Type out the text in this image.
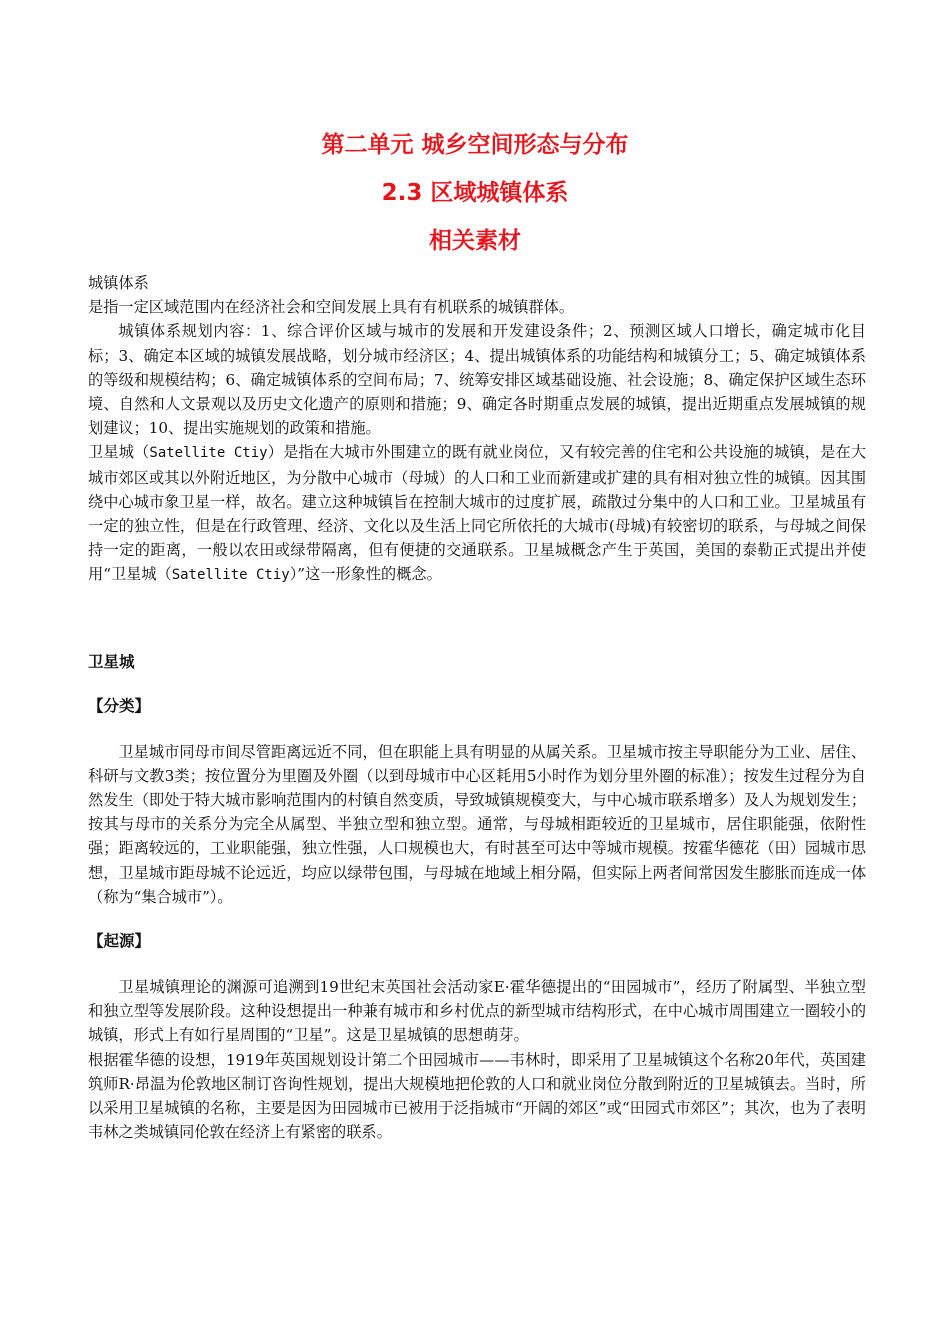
第二单元 城乡空间形态与分布
2.3 区域城镇体系
相关素材

城镇体系

是指一定区域范围内在经济社会和空间发展上具有有机联系的城镇群体。

城镇体系规划内容：1、综合评价区域与城市的发展和开发建设条件；2、预测区域人口增长，确定城市化目标；3、确定本区域的城镇发展战略，划分城市经济区；4、提出城镇体系的功能结构和城镇分工；5、确定城镇体系的等级和规模结构；6、确定城镇体系的空间布局；7、统筹安排区域基础设施、社会设施；8、确定保护区域生态环境、自然和人文景观以及历史文化遗产的原则和措施；9、确定各时期重点发展的城镇，提出近期重点发展城镇的规划建议；10、提出实施规划的政策和措施。

卫星城（Satellite Ctiy）是指在大城市外围建立的既有就业岗位，又有较完善的住宅和公共设施的城镇，是在大城市郊区或其以外附近地区，为分散中心城市（母城）的人口和工业而新建或扩建的具有相对独立性的城镇。因其围绕中心城市象卫星一样，故名。建立这种城镇旨在控制大城市的过度扩展，疏散过分集中的人口和工业。卫星城虽有一定的独立性，但是在行政管理、经济、文化以及生活上同它所依托的大城市(母城)有较密切的联系，与母城之间保持一定的距离，一般以农田或绿带隔离，但有便捷的交通联系。卫星城概念产生于英国，美国的泰勒正式提出并使用“卫星城（Satellite Ctiy）”这一形象性的概念。

卫星城

【分类】

卫星城市同母市间尽管距离远近不同，但在职能上具有明显的从属关系。卫星城市按主导职能分为工业、居住、科研与文教3类；按位置分为里圈及外圈（以到母城市中心区耗用5小时作为划分里外圈的标准）；按发生过程分为自然发生（即处于特大城市影响范围内的村镇自然变质，导致城镇规模变大，与中心城市联系增多）及人为规划发生；按其与母市的关系分为完全从属型、半独立型和独立型。通常，与母城相距较近的卫星城市，居住职能强，依附性强；距离较远的，工业职能强，独立性强，人口规模也大，有时甚至可达中等城市规模。按霍华德花（田）园城市思想，卫星城市距母城不论远近，均应以绿带包围，与母城在地域上相分隔，但实际上两者间常因发生膨胀而连成一体（称为“集合城市”）。

【起源】

卫星城镇理论的渊源可追溯到19世纪末英国社会活动家E·霍华德提出的“田园城市”，经历了附属型、半独立型和独立型等发展阶段。这种设想提出一种兼有城市和乡村优点的新型城市结构形式，在中心城市周围建立一圈较小的城镇，形式上有如行星周围的“卫星”。这是卫星城镇的思想萌芽。

根据霍华德的设想，1919年英国规划设计第二个田园城市——韦林时，即采用了卫星城镇这个名称20年代，英国建筑师R·昂温为伦敦地区制订咨询性规划，提出大规模地把伦敦的人口和就业岗位分散到附近的卫星城镇去。当时，所以采用卫星城镇的名称，主要是因为田园城市已被用于泛指城市“开阔的郊区”或“田园式市郊区”；其次，也为了表明韦林之类城镇同伦敦在经济上有紧密的联系。
